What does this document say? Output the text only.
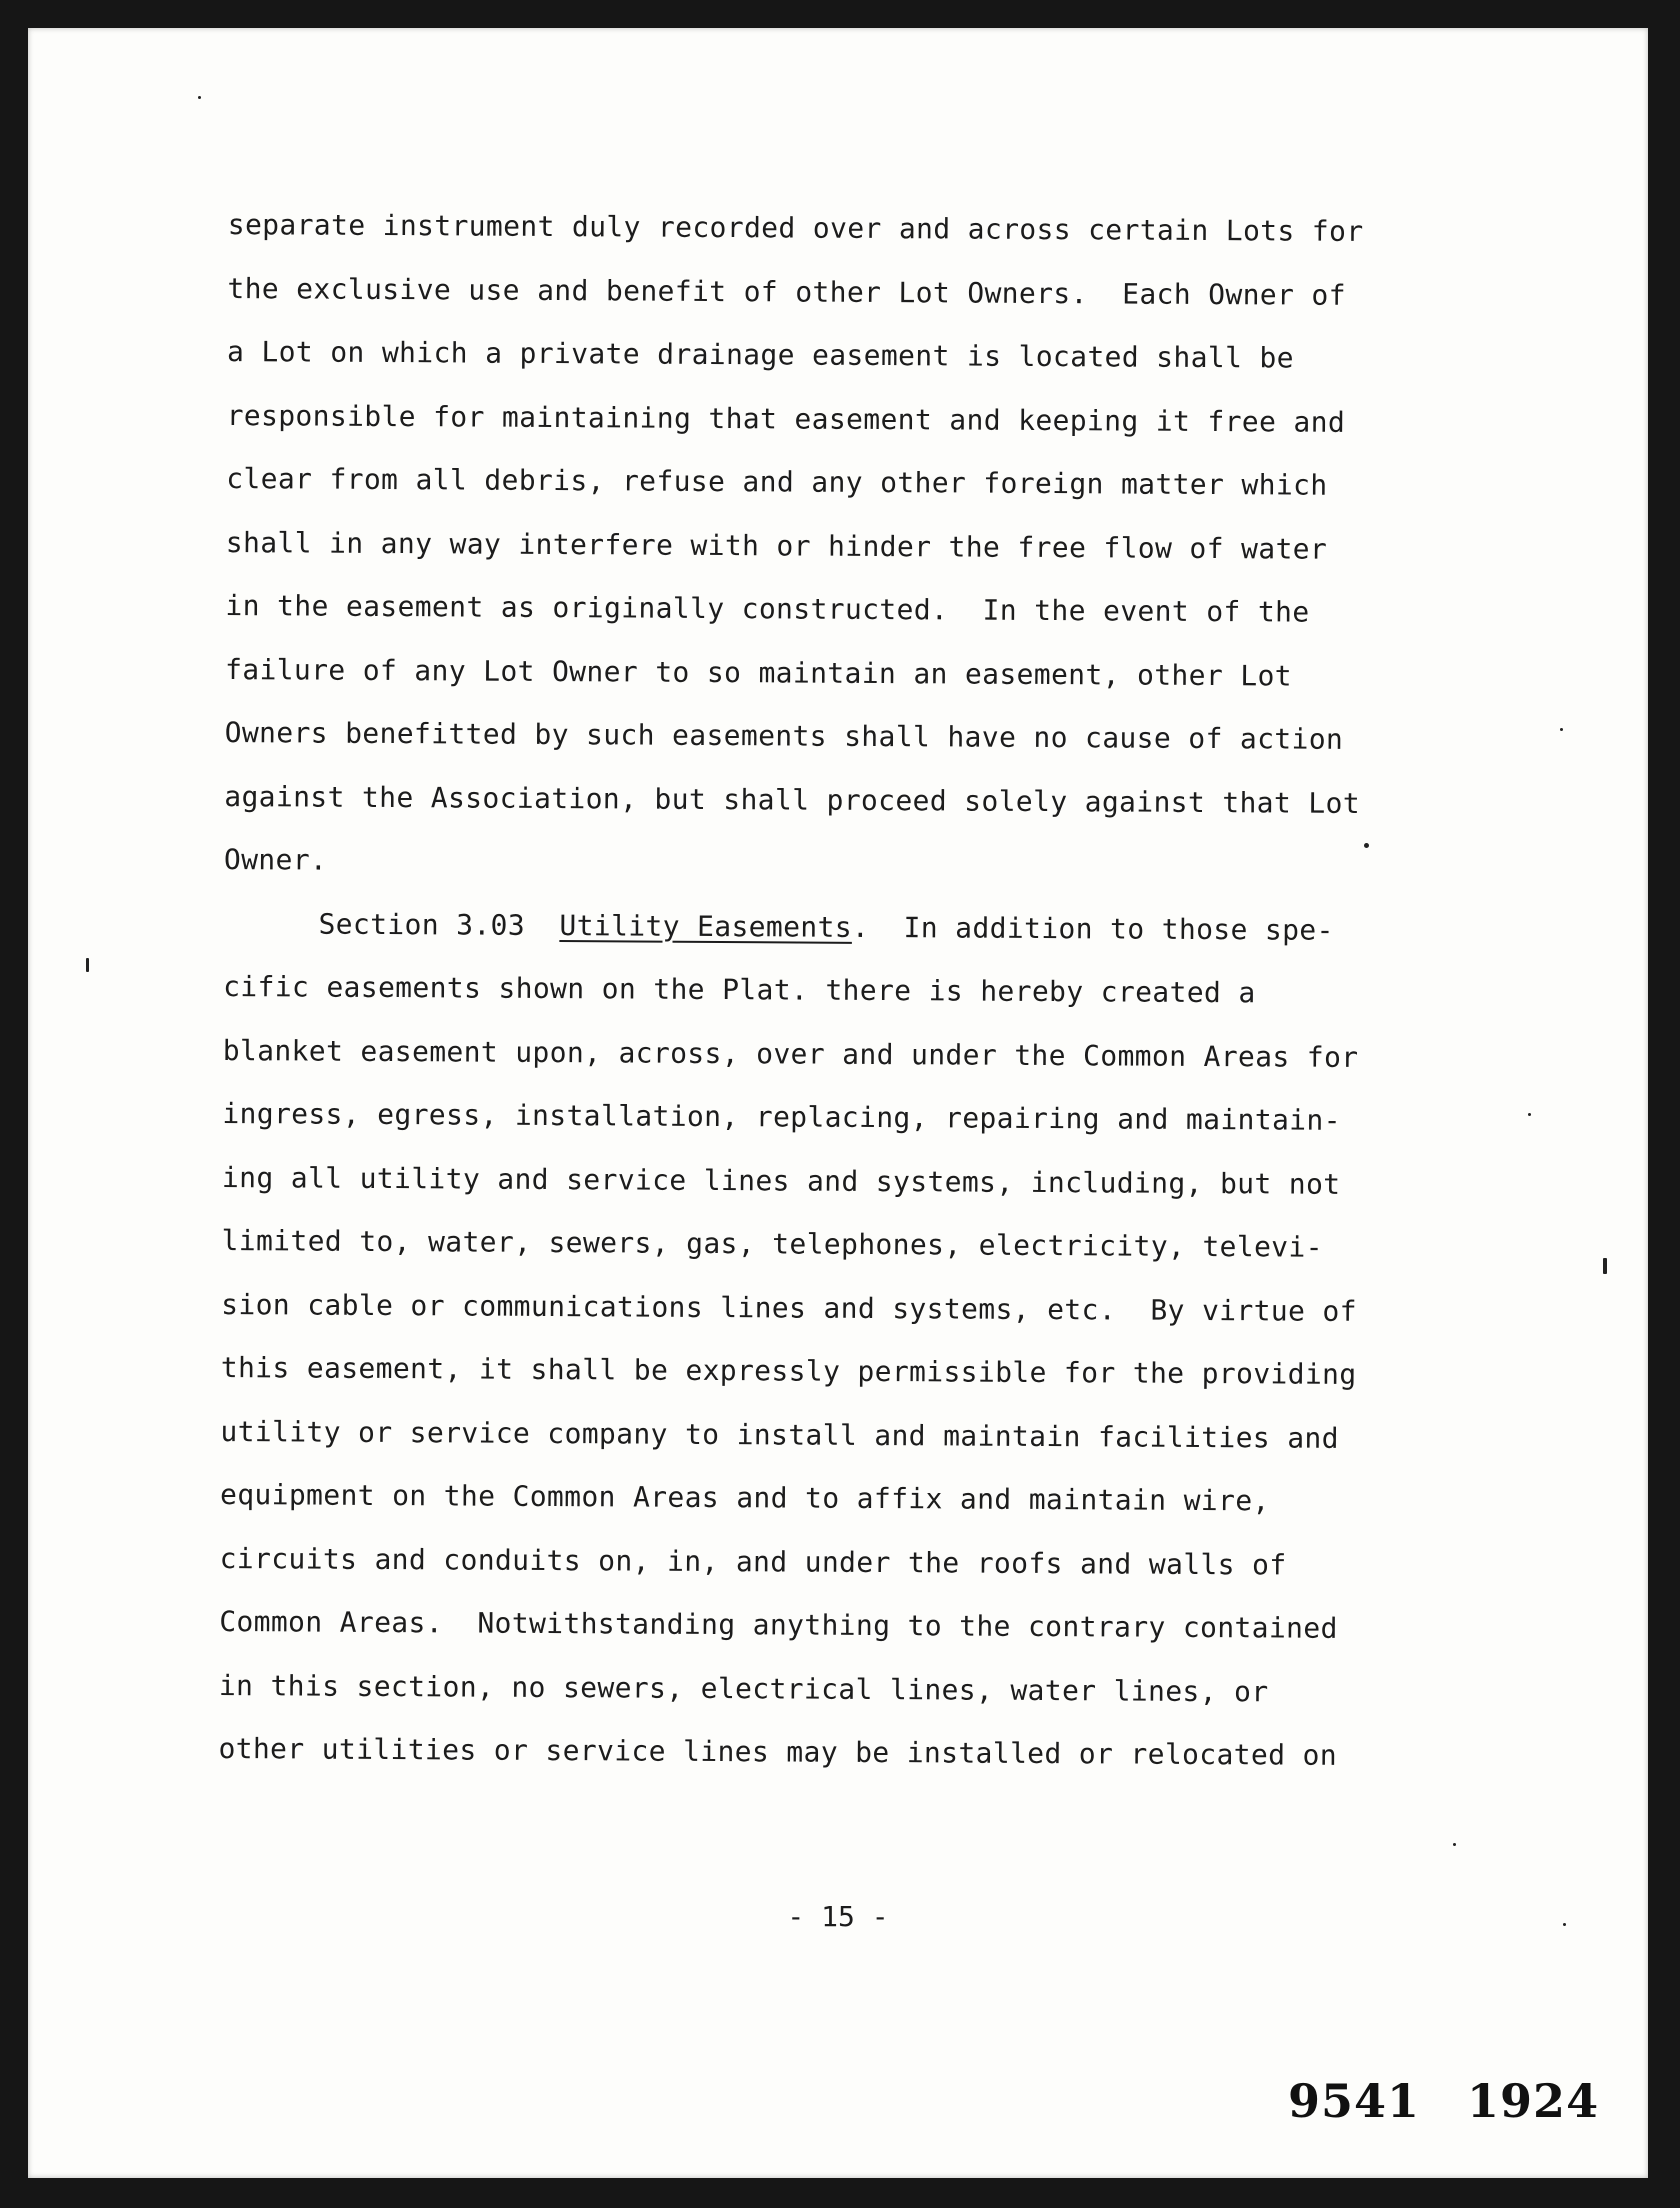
separate instrument duly recorded over and across certain Lots for
the exclusive use and benefit of other Lot Owners.  Each Owner of
a Lot on which a private drainage easement is located shall be
responsible for maintaining that easement and keeping it free and
clear from all debris, refuse and any other foreign matter which
shall in any way interfere with or hinder the free flow of water
in the easement as originally constructed.  In the event of the
failure of any Lot Owner to so maintain an easement, other Lot
Owners benefitted by such easements shall have no cause of action
against the Association, but shall proceed solely against that Lot
Owner.
Section 3.03 Utility Easements.  In addition to those spe-
cific easements shown on the Plat. there is hereby created a
blanket easement upon, across, over and under the Common Areas for
ingress, egress, installation, replacing, repairing and maintain-
ing all utility and service lines and systems, including, but not
limited to, water, sewers, gas, telephones, electricity, televi-
sion cable or communications lines and systems, etc.  By virtue of
this easement, it shall be expressly permissible for the providing
utility or service company to install and maintain facilities and
equipment on the Common Areas and to affix and maintain wire,
circuits and conduits on, in, and under the roofs and walls of
Common Areas.  Notwithstanding anything to the contrary contained
in this section, no sewers, electrical lines, water lines, or
other utilities or service lines may be installed or relocated on
- 15 -
9541 1924
